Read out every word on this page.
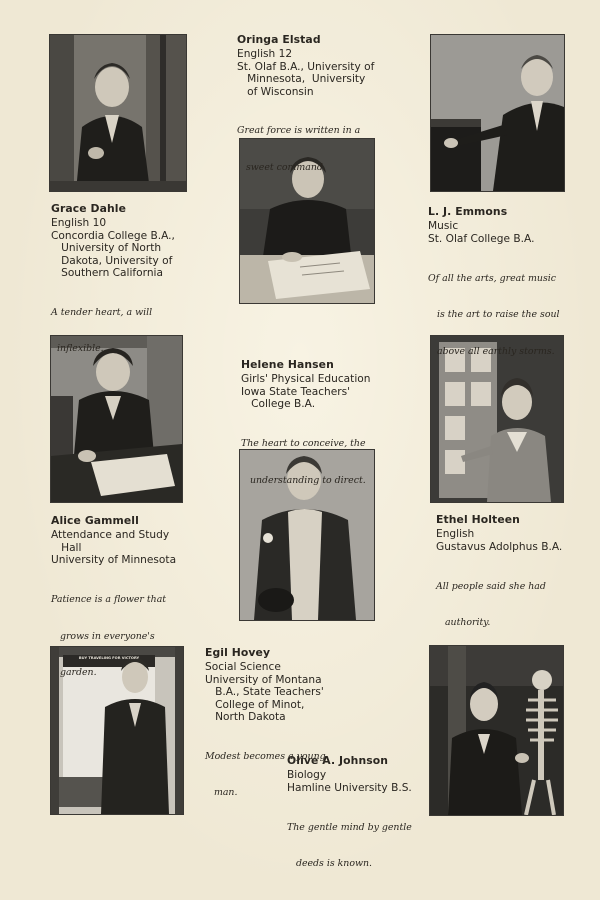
BUY TRAVELING FOR VICTORY
Grace Dahle
English 10
Concordia College B.A.,
University of North
Dakota, University of
Southern California

A tender heart, a will

inflexible.

Oringa Elstad
English 12
St. Olaf B.A., University of
Minnesota,  University
of Wisconsin

Great force is written in a

sweet command.

L. J. Emmons
Music
St. Olaf College B.A.

Of all the arts, great music

is the art to raise the soul

above all earthly storms.

Alice Gammell
Attendance and Study
Hall
University of Minnesota

Patience is a flower that

grows in everyone's

garden.

Helene Hansen
Girls' Physical Education
Iowa State Teachers'
College B.A.

The heart to conceive, the

understanding to direct.

Ethel Holteen
English
Gustavus Adolphus B.A.

All people said she had

authority.

Egil Hovey
Social Science
University of Montana
B.A., State Teachers'
College of Minot,
North Dakota

Modest becomes a young

man.

Olive A. Johnson
Biology
Hamline University B.S.

The gentle mind by gentle

deeds is known.
